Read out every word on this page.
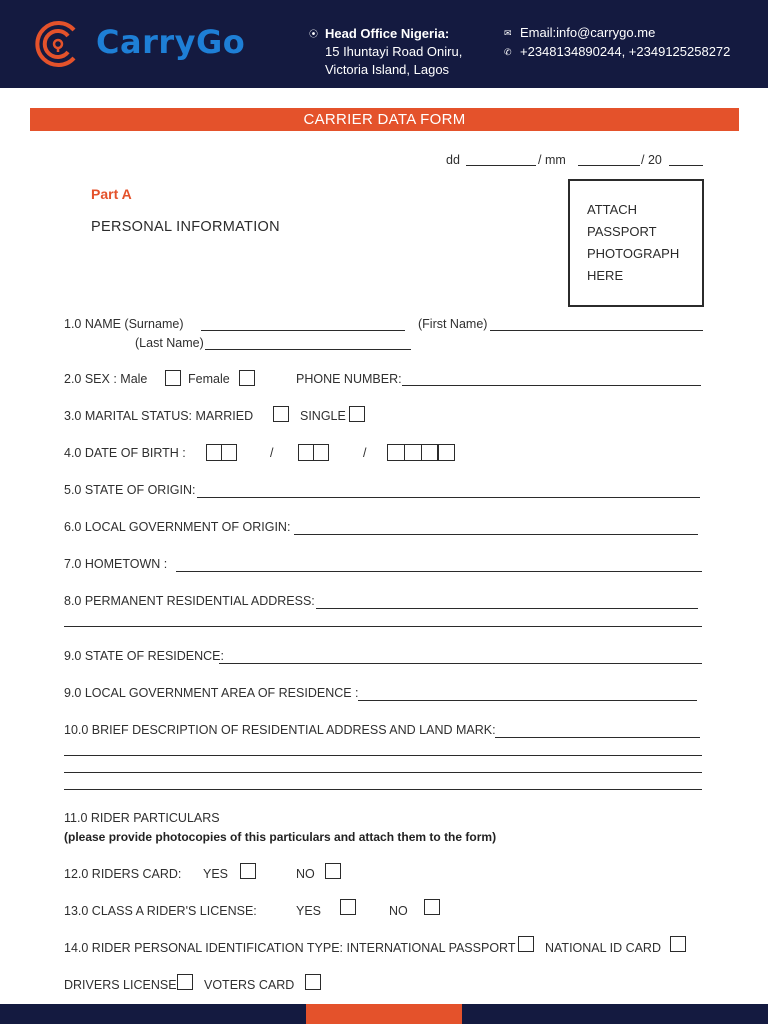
CarryGo	⦿ Head Office Nigeria:
15 Ihuntayi Road Oniru,
Victoria Island, Lagos
✉ Email:info@carrygo.me
✆ +2348134890244, +2349125258272
CARRIER DATA FORM
dd	/ mm	/ 20
ATTACH
PASSPORT
PHOTOGRAPH
HERE
Part A
PERSONAL INFORMATION
1.0 NAME (Surname)	(First Name)
(Last Name)
2.0 SEX : Male	Female	PHONE NUMBER:
3.0 MARITAL STATUS: MARRIED	SINGLE
4.0 DATE OF BIRTH :	/	/
5.0 STATE OF ORIGIN:
6.0 LOCAL GOVERNMENT OF ORIGIN:
7.0 HOMETOWN :
8.0 PERMANENT RESIDENTIAL ADDRESS:
9.0 STATE OF RESIDENCE:
9.0 LOCAL GOVERNMENT AREA OF RESIDENCE :
10.0 BRIEF DESCRIPTION OF RESIDENTIAL ADDRESS AND LAND MARK:
11.0 RIDER PARTICULARS
(please provide photocopies of this particulars and attach them to the form)
12.0 RIDERS CARD: YES	NO
13.0 CLASS A RIDER'S LICENSE:	YES	NO
14.0 RIDER PERSONAL IDENTIFICATION TYPE: INTERNATIONAL PASSPORT NATIONAL ID CARD
DRIVERS LICENSE VOTERS CARD
